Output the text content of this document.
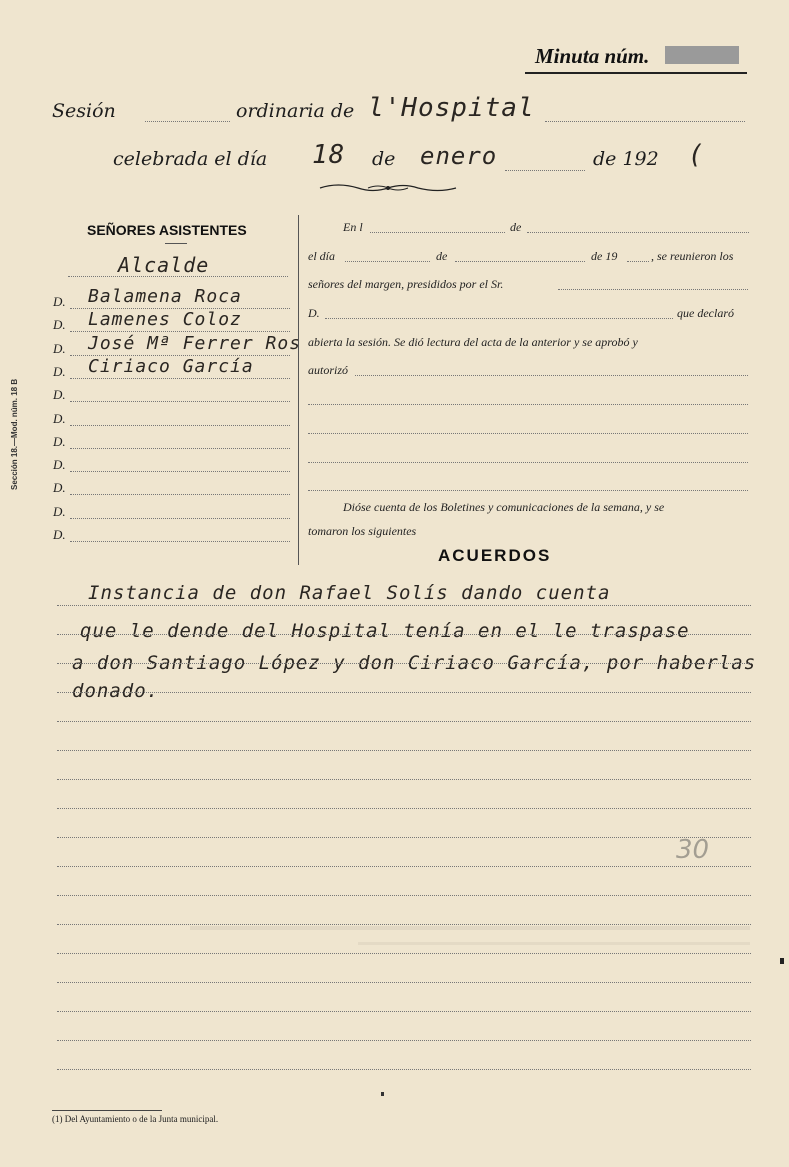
Minuta núm.
Sesión	ordinaria de l'Hospital
celebrada el día 18 de enero	de 192 (
SEÑORES ASISTENTES
Alcalde
D. Balamena Roca
D. Lamenes Coloz
D. José Mª Ferrer Ros
D. Ciriaco García
D.
D.
D.
D.
D.
D.
D.
En l	de
el día	de	de 19	, se reunieron los
señores del margen, presididos por el Sr.
D.	que declaró
abierta la sesión. Se dió lectura del acta de la anterior y se aprobó y
autorizó
Dióse cuenta de los Boletines y comunicaciones de la semana, y se
tomaron los siguientes
ACUERDOS
Instancia de don Rafael Solís dando cuenta
que le dende del Hospital tenía en el le traspase
a don Santiago López y don Ciriaco García, por haberlas
donado.
30
Sección 18.—Mod. núm. 18 B
(1) Del Ayuntamiento o de la Junta municipal.
